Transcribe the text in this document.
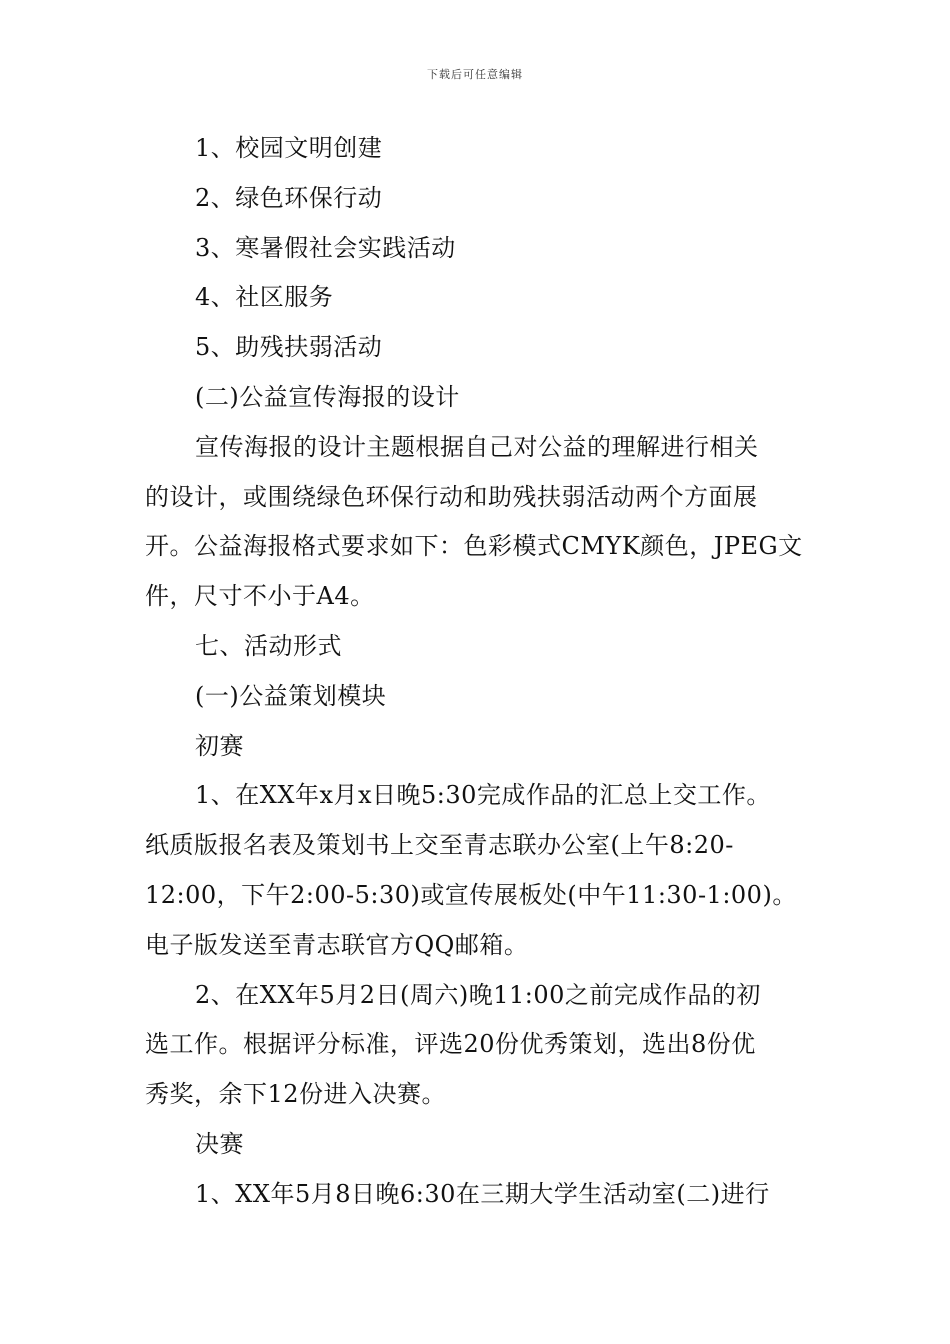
下载后可任意编辑
1、校园文明创建
2、绿色环保行动
3、寒暑假社会实践活动
4、社区服务
5、助残扶弱活动
(二)公益宣传海报的设计
宣传海报的设计主题根据自己对公益的理解进行相关
的设计，或围绕绿色环保行动和助残扶弱活动两个方面展
开。公益海报格式要求如下：色彩模式CMYK颜色，JPEG文
件，尺寸不小于A4。
七、活动形式
(一)公益策划模块
初赛
1、在XX年x月x日晚5:30完成作品的汇总上交工作。
纸质版报名表及策划书上交至青志联办公室(上午8:20-
12:00，下午2:00-5:30)或宣传展板处(中午11:30-1:00)。
电子版发送至青志联官方QQ邮箱。
2、在XX年5月2日(周六)晚11:00之前完成作品的初
选工作。根据评分标准，评选20份优秀策划，选出8份优
秀奖，余下12份进入决赛。
决赛
1、XX年5月8日晚6:30在三期大学生活动室(二)进行
